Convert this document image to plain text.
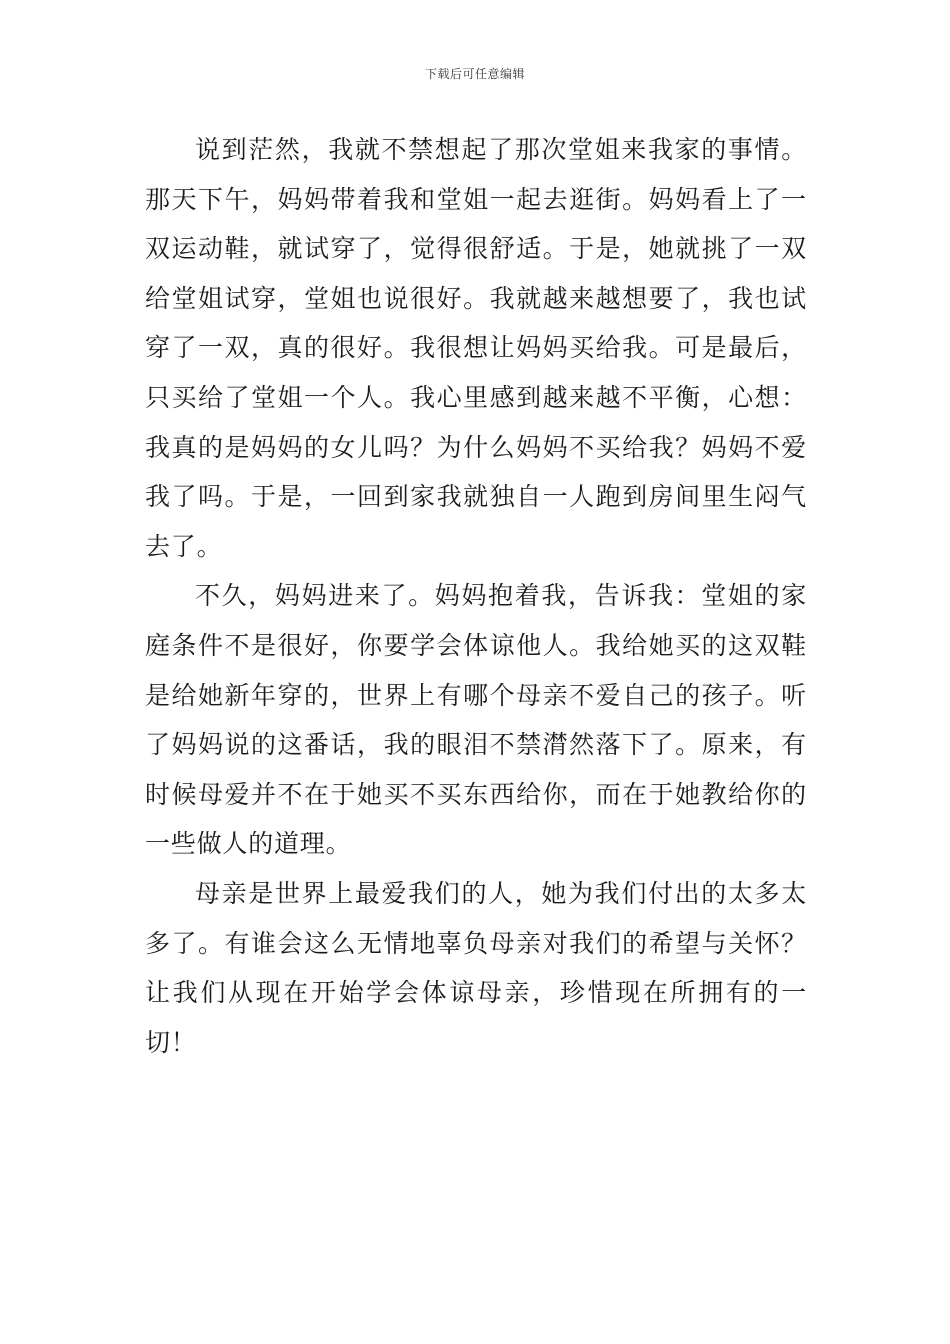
下载后可任意编辑

说到茫然，我就不禁想起了那次堂姐来我家的事情。那天下午，妈妈带着我和堂姐一起去逛街。妈妈看上了一双运动鞋，就试穿了，觉得很舒适。于是，她就挑了一双给堂姐试穿，堂姐也说很好。我就越来越想要了，我也试穿了一双，真的很好。我很想让妈妈买给我。可是最后，只买给了堂姐一个人。我心里感到越来越不平衡，心想：我真的是妈妈的女儿吗？为什么妈妈不买给我？妈妈不爱我了吗。于是，一回到家我就独自一人跑到房间里生闷气去了。

不久，妈妈进来了。妈妈抱着我，告诉我：堂姐的家庭条件不是很好，你要学会体谅他人。我给她买的这双鞋是给她新年穿的，世界上有哪个母亲不爱自己的孩子。听了妈妈说的这番话，我的眼泪不禁潸然落下了。原来，有时候母爱并不在于她买不买东西给你，而在于她教给你的一些做人的道理。

母亲是世界上最爱我们的人，她为我们付出的太多太多了。有谁会这么无情地辜负母亲对我们的希望与关怀？让我们从现在开始学会体谅母亲，珍惜现在所拥有的一切！
